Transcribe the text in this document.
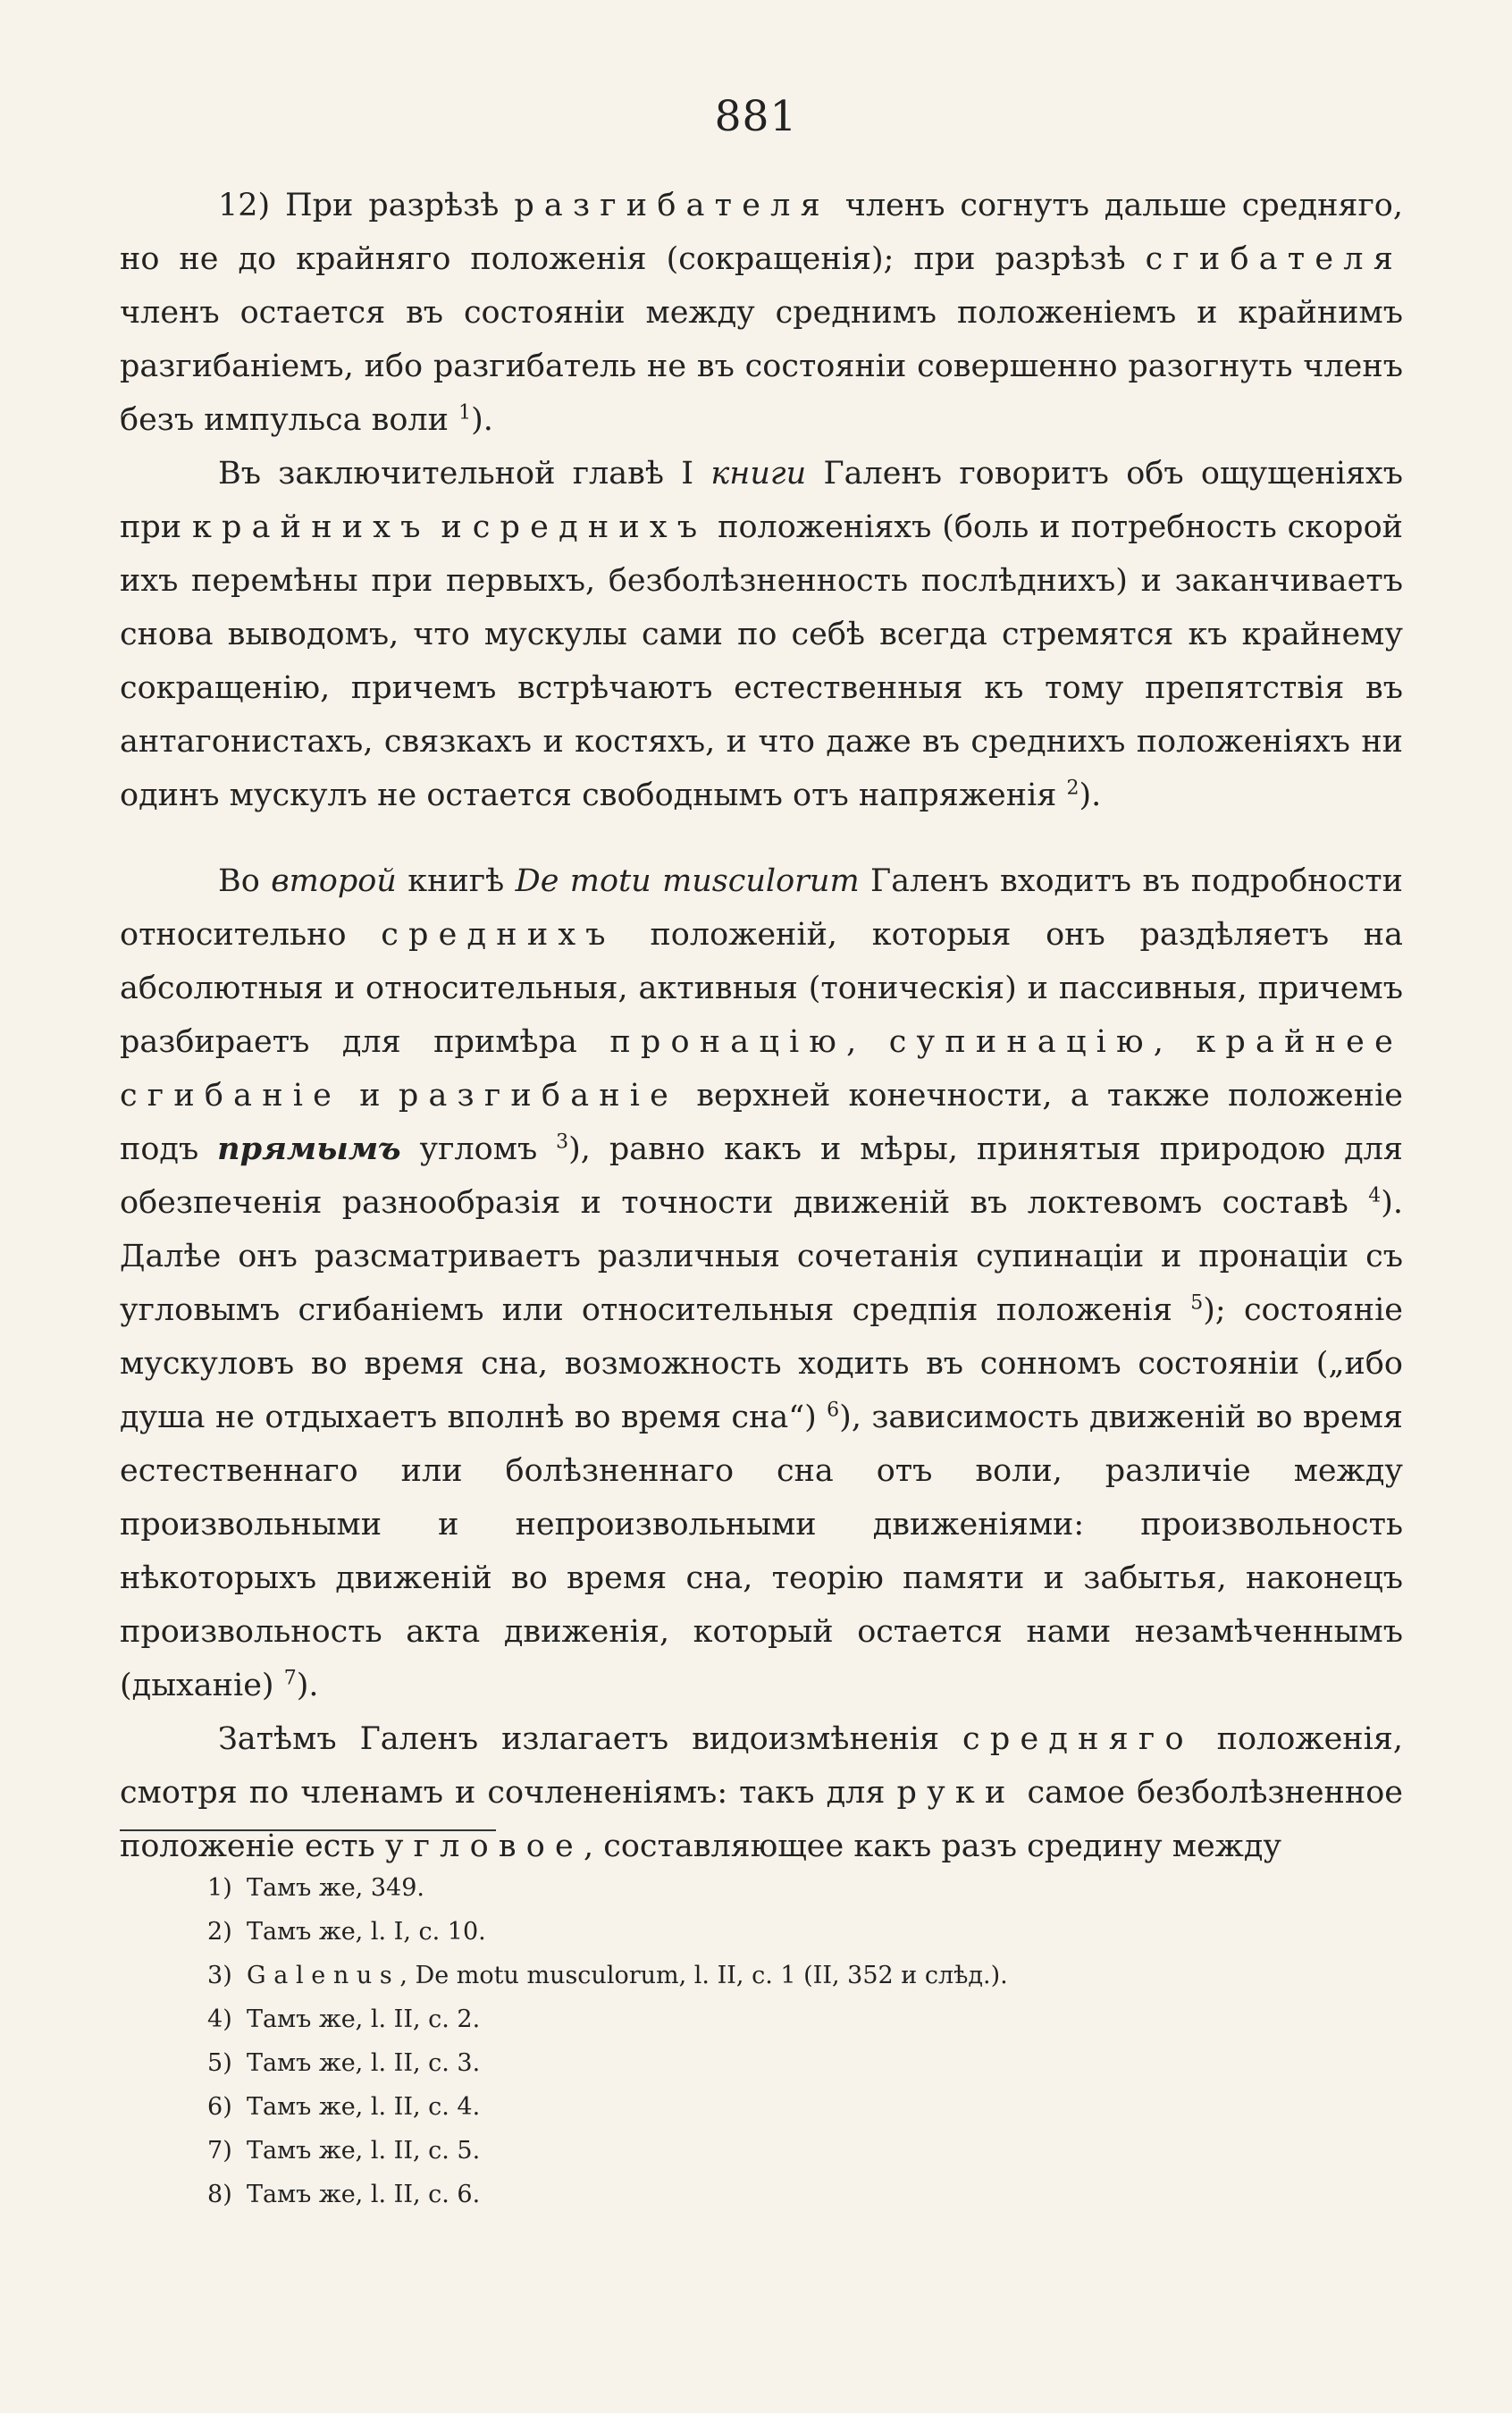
881

12) При разрѣзѣ разгибателя членъ согнутъ дальше средняго, но не до крайняго положенія (сокращенія); при разрѣзѣ сгибателя членъ остается въ состояніи между среднимъ положеніемъ и крайнимъ разгибаніемъ, ибо разгибатель не въ состояніи совершенно разогнуть членъ безъ импульса воли $^1$).

Въ заключительной главѣ I книги Галенъ говоритъ объ ощущеніяхъ при крайнихъ и среднихъ положеніяхъ (боль и потребность скорой ихъ перемѣны при первыхъ, безболѣзненность послѣднихъ) и заканчиваетъ снова выводомъ, что мускулы сами по себѣ всегда стремятся къ крайнему сокращенію, причемъ встрѣчаютъ естественныя къ тому препятствія въ антагонистахъ, связкахъ и костяхъ, и что даже въ среднихъ положеніяхъ ни одинъ мускулъ не остается свободнымъ отъ напряженія $^2$).

Во второй книгѣ De motu musculorum Галенъ входитъ въ подробности относительно среднихъ положеній, которыя онъ раздѣляетъ на абсолютныя и относительныя, активныя (тоническія) и пассивныя, причемъ разбираетъ для примѣра пронацію, супинацію, крайнее сгибаніе и разгибаніе верхней конечности, а также положеніе подъ прямымъ угломъ $^3$), равно какъ и мѣры, принятыя природою для обезпеченія разнообразія и точности движеній въ локтевомъ составѣ $^4$). Далѣе онъ разсматриваетъ различныя сочетанія супинаціи и пронаціи съ угловымъ сгибаніемъ или относительныя средпія положенія $^5$); состояніе мускуловъ во время сна, возможность ходить въ сонномъ состояніи („ибо душа не отдыхаетъ вполнѣ во время сна“) $^6$), зависимость движеній во время естественнаго или болѣзненнаго сна отъ воли, различіе между произвольными и непроизвольными движеніями: произвольность нѣкоторыхъ движеній во время сна, теорію памяти и забытья, наконецъ произвольность акта движенія, который остается нами незамѣченнымъ (дыханіе) $^7$).

Затѣмъ Галенъ излагаетъ видоизмѣненія средняго положенія, смотря по членамъ и сочлененіямъ: такъ для руки самое безболѣзненное положеніе есть угловое, составляющее какъ разъ средину между

1) Тамъ же, 349.
2) Тамъ же, l. I, c. 10.
3) Galenus, De motu musculorum, l. II, c. 1 (II, 352 и слѣд.).
4) Тамъ же, l. II, c. 2.
5) Тамъ же, l. II, c. 3.
6) Тамъ же, l. II, c. 4.
7) Тамъ же, l. II, c. 5.
8) Тамъ же, l. II, c. 6.
